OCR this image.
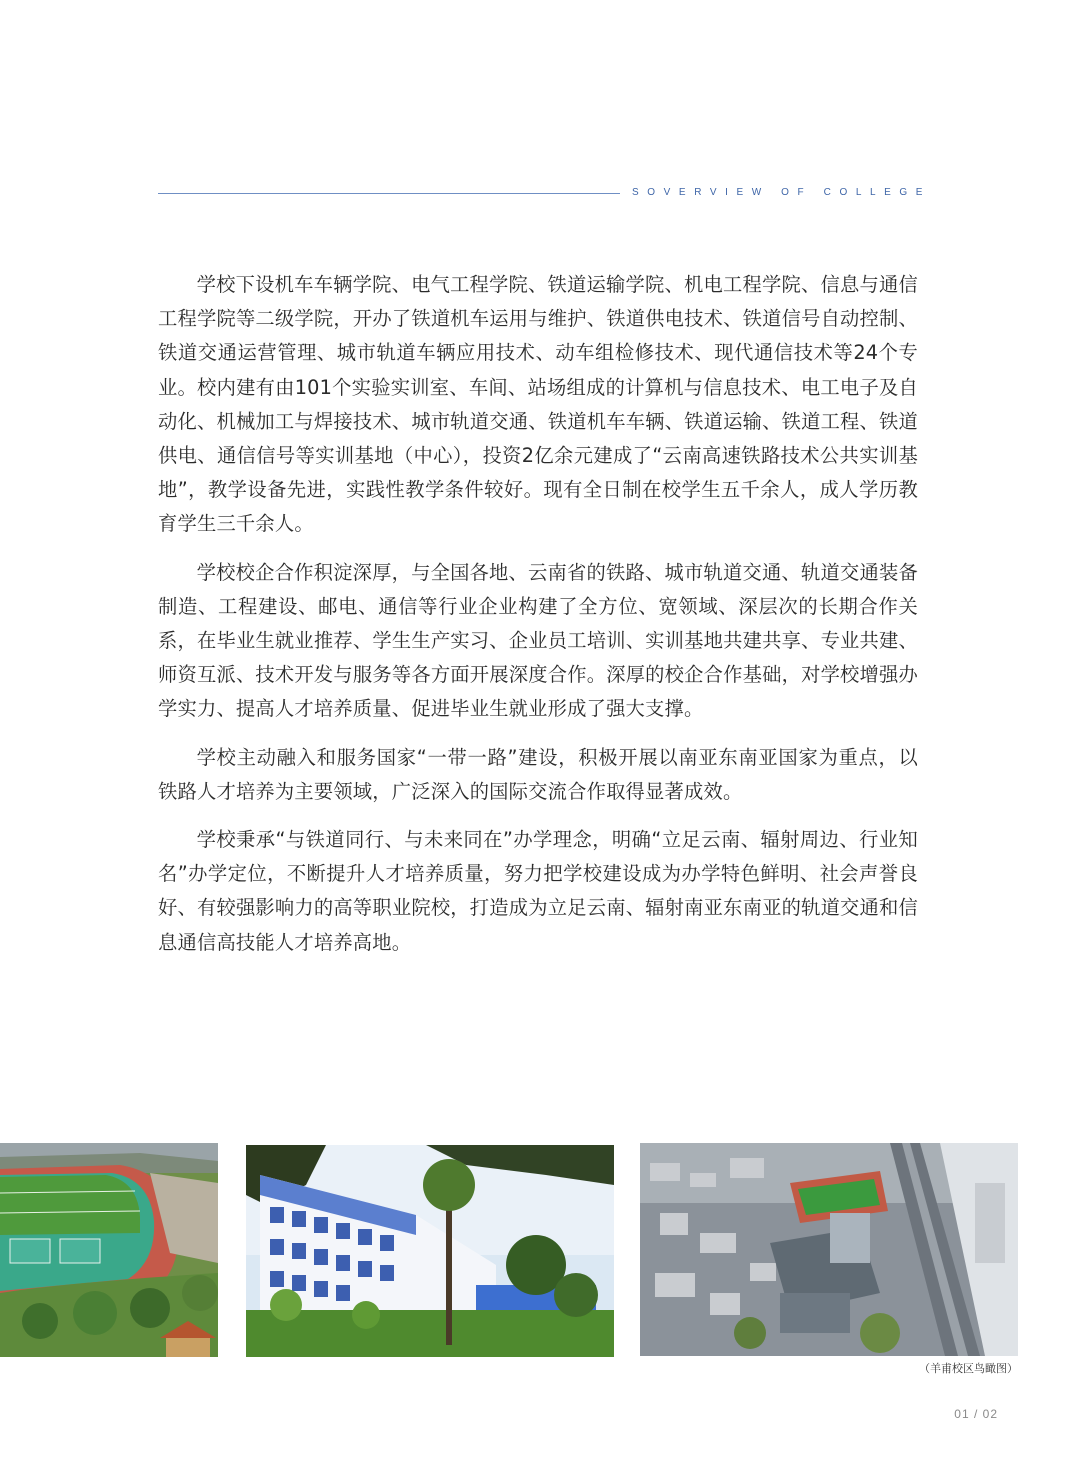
SOVERVIEW OF COLLEGE

学校下设机车车辆学院、电气工程学院、铁道运输学院、机电工程学院、信息与通信工程学院等二级学院，开办了铁道机车运用与维护、铁道供电技术、铁道信号自动控制、铁道交通运营管理、城市轨道车辆应用技术、动车组检修技术、现代通信技术等24个专业。校内建有由101个实验实训室、车间、站场组成的计算机与信息技术、电工电子及自动化、机械加工与焊接技术、城市轨道交通、铁道机车车辆、铁道运输、铁道工程、铁道供电、通信信号等实训基地（中心），投资2亿余元建成了“云南高速铁路技术公共实训基地”，教学设备先进，实践性教学条件较好。现有全日制在校学生五千余人，成人学历教育学生三千余人。

学校校企合作积淀深厚，与全国各地、云南省的铁路、城市轨道交通、轨道交通装备制造、工程建设、邮电、通信等行业企业构建了全方位、宽领域、深层次的长期合作关系，在毕业生就业推荐、学生生产实习、企业员工培训、实训基地共建共享、专业共建、师资互派、技术开发与服务等各方面开展深度合作。深厚的校企合作基础，对学校增强办学实力、提高人才培养质量、促进毕业生就业形成了强大支撑。

学校主动融入和服务国家“一带一路”建设，积极开展以南亚东南亚国家为重点，以铁路人才培养为主要领域，广泛深入的国际交流合作取得显著成效。

学校秉承“与铁道同行、与未来同在”办学理念，明确“立足云南、辐射周边、行业知名”办学定位，不断提升人才培养质量，努力把学校建设成为办学特色鲜明、社会声誉良好、有较强影响力的高等职业院校，打造成为立足云南、辐射南亚东南亚的轨道交通和信息通信高技能人才培养高地。

（羊甫校区鸟瞰图）
01 / 02
